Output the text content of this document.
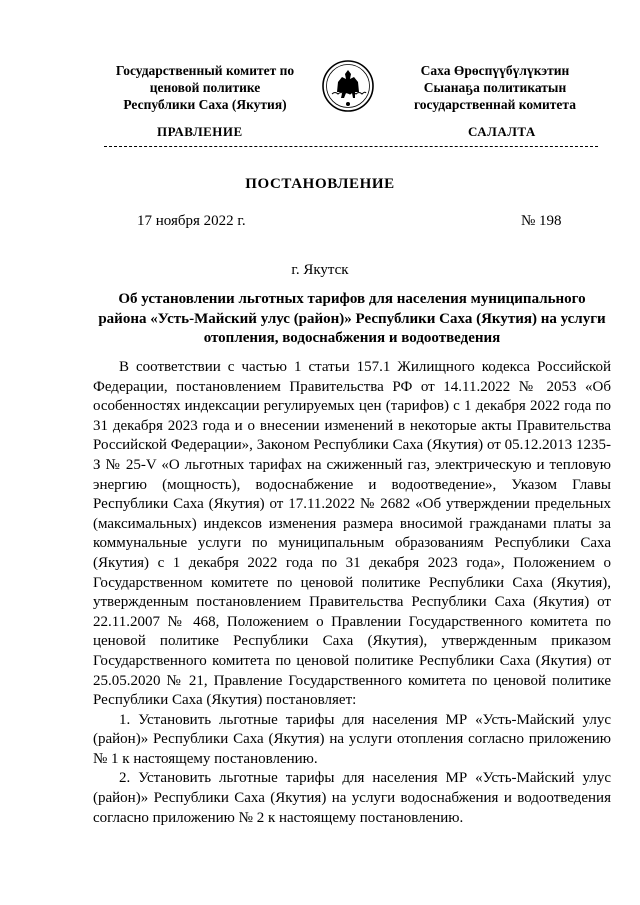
Государственный комитет по
ценовой политике
Республики Саха (Якутия)
Саха Өрөспүүбүлүкэтин
Сыанаҕа политикатын
государственнай комитета
ПРАВЛЕНИЕ	САЛАЛТА
ПОСТАНОВЛЕНИЕ
17 ноября 2022 г.	№ 198
г. Якутск
Об установлении льготных тарифов для населения муниципального района «Усть-Майский улус (район)» Республики Саха (Якутия) на услуги отопления, водоснабжения и водоотведения

В соответствии с частью 1 статьи 157.1 Жилищного кодекса Российской Федерации, постановлением Правительства РФ от 14.11.2022 № 2053 «Об особенностях индексации регулируемых цен (тарифов) с 1 декабря 2022 года по 31 декабря 2023 года и о внесении изменений в некоторые акты Правительства Российской Федерации», Законом Республики Саха (Якутия) от 05.12.2013 1235-З № 25-V «О льготных тарифах на сжиженный газ, электрическую и тепловую энергию (мощность), водоснабжение и водоотведение», Указом Главы Республики Саха (Якутия) от 17.11.2022 № 2682 «Об утверждении предельных (максимальных) индексов изменения размера вносимой гражданами платы за коммунальные услуги по муниципальным образованиям Республики Саха (Якутия) с 1 декабря 2022 года по 31 декабря 2023 года», Положением о Государственном комитете по ценовой политике Республики Саха (Якутия), утвержденным постановлением Правительства Республики Саха (Якутия) от 22.11.2007 № 468, Положением о Правлении Государственного комитета по ценовой политике Республики Саха (Якутия), утвержденным приказом Государственного комитета по ценовой политике Республики Саха (Якутия) от 25.05.2020 № 21, Правление Государственного комитета по ценовой политике Республики Саха (Якутия) постановляет:

1. Установить льготные тарифы для населения МР «Усть-Майский улус (район)» Республики Саха (Якутия) на услуги отопления согласно приложению № 1 к настоящему постановлению.

2. Установить льготные тарифы для населения МР «Усть-Майский улус (район)» Республики Саха (Якутия) на услуги водоснабжения и водоотведения согласно приложению № 2 к настоящему постановлению.
